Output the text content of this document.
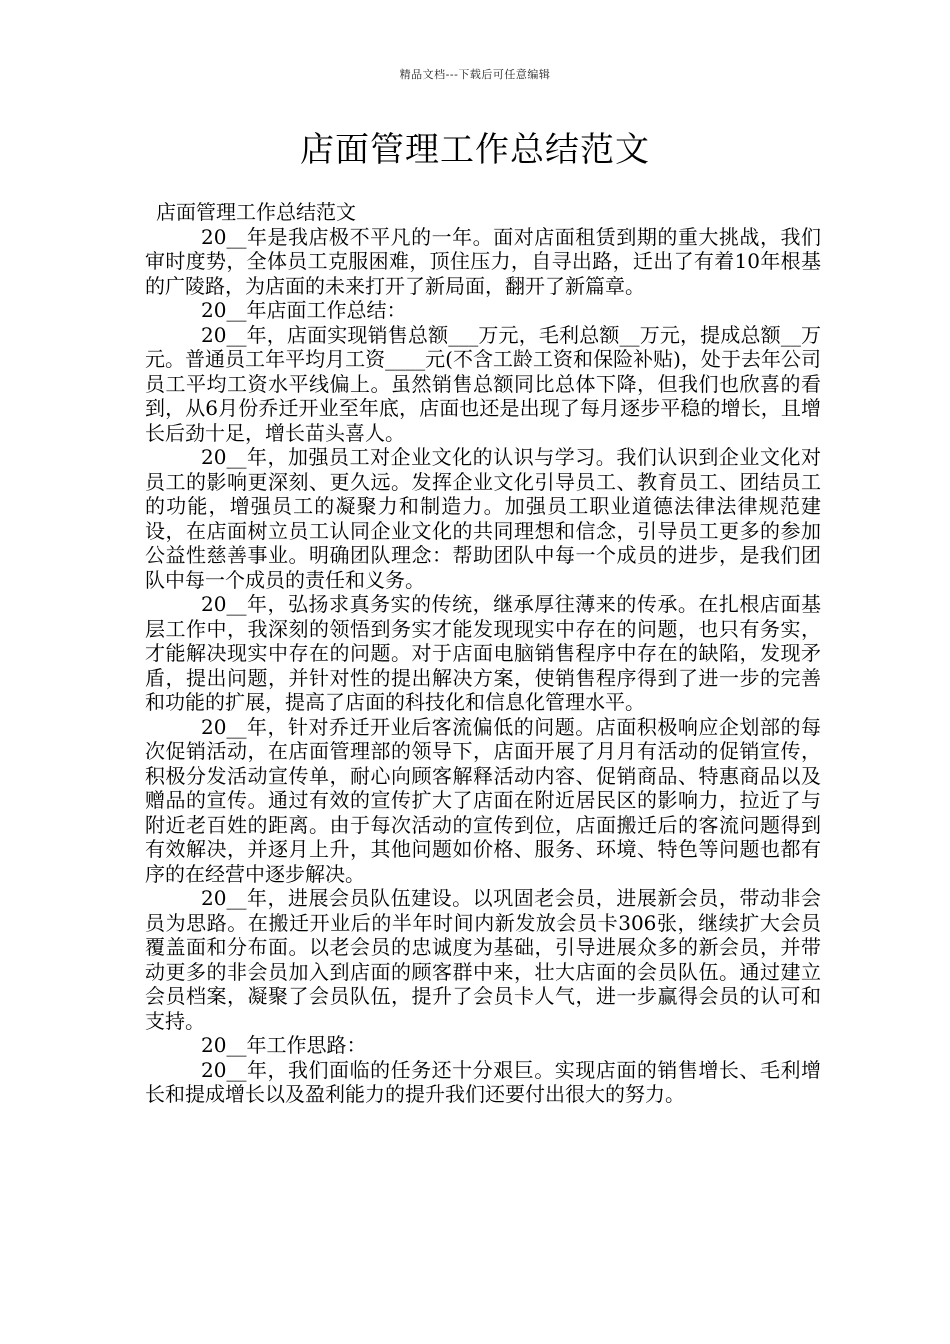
精品文档---下载后可任意编辑
店面管理工作总结范文

店面管理工作总结范文

20__年是我店极不平凡的一年。面对店面租赁到期的重大挑战，我们审时度势，全体员工克服困难，顶住压力，自寻出路，迁出了有着10年根基的广陵路，为店面的未来打开了新局面，翻开了新篇章。

20__年店面工作总结：

20__年，店面实现销售总额___万元，毛利总额__万元，提成总额__万元。普通员工年平均月工资____元(不含工龄工资和保险补贴)，处于去年公司员工平均工资水平线偏上。虽然销售总额同比总体下降，但我们也欣喜的看到，从6月份乔迁开业至年底，店面也还是出现了每月逐步平稳的增长，且增长后劲十足，增长苗头喜人。

20__年，加强员工对企业文化的认识与学习。我们认识到企业文化对员工的影响更深刻、更久远。发挥企业文化引导员工、教育员工、团结员工的功能，增强员工的凝聚力和制造力。加强员工职业道德法律法律规范建设，在店面树立员工认同企业文化的共同理想和信念，引导员工更多的参加公益性慈善事业。明确团队理念：帮助团队中每一个成员的进步，是我们团队中每一个成员的责任和义务。

20__年，弘扬求真务实的传统，继承厚往薄来的传承。在扎根店面基层工作中，我深刻的领悟到务实才能发现现实中存在的问题，也只有务实，才能解决现实中存在的问题。对于店面电脑销售程序中存在的缺陷，发现矛盾，提出问题，并针对性的提出解决方案，使销售程序得到了进一步的完善和功能的扩展，提高了店面的科技化和信息化管理水平。

20__年，针对乔迁开业后客流偏低的问题。店面积极响应企划部的每次促销活动，在店面管理部的领导下，店面开展了月月有活动的促销宣传，积极分发活动宣传单，耐心向顾客解释活动内容、促销商品、特惠商品以及赠品的宣传。通过有效的宣传扩大了店面在附近居民区的影响力，拉近了与附近老百姓的距离。由于每次活动的宣传到位，店面搬迁后的客流问题得到有效解决，并逐月上升，其他问题如价格、服务、环境、特色等问题也都有序的在经营中逐步解决。

20__年，进展会员队伍建设。以巩固老会员，进展新会员，带动非会员为思路。在搬迁开业后的半年时间内新发放会员卡306张，继续扩大会员覆盖面和分布面。以老会员的忠诚度为基础，引导进展众多的新会员，并带动更多的非会员加入到店面的顾客群中来，壮大店面的会员队伍。通过建立会员档案，凝聚了会员队伍，提升了会员卡人气，进一步赢得会员的认可和支持。

20__年工作思路：

20__年，我们面临的任务还十分艰巨。实现店面的销售增长、毛利增长和提成增长以及盈利能力的提升我们还要付出很大的努力。
